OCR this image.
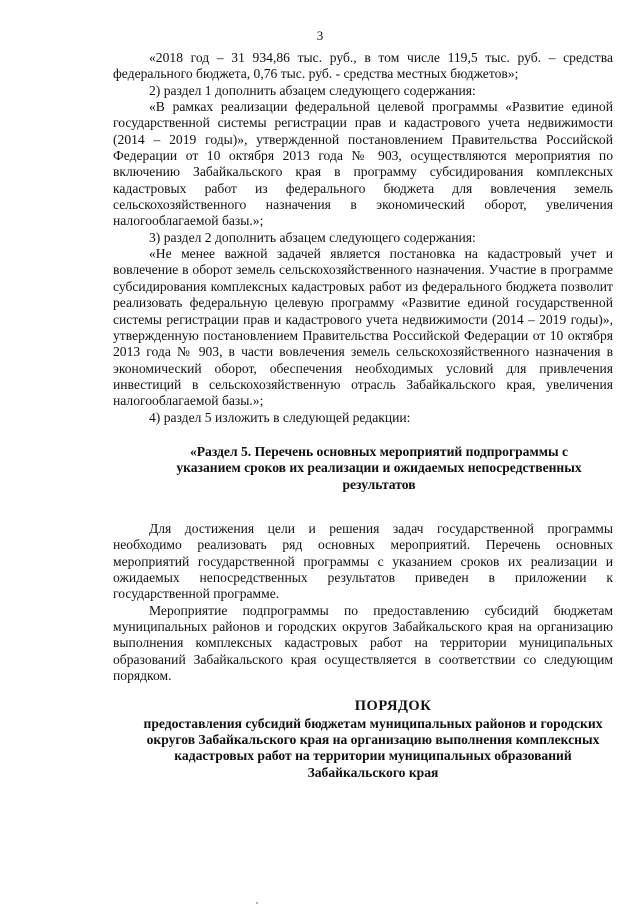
3

«2018 год – 31 934,86 тыс. руб., в том числе 119,5 тыс. руб. – средства федерального бюджета, 0,76 тыс. руб. - средства местных бюджетов»;

2) раздел 1 дополнить абзацем следующего содержания:

«В рамках реализации федеральной целевой программы «Развитие единой государственной системы регистрации прав и кадастрового учета недвижимости (2014 – 2019 годы)», утвержденной постановлением Правительства Российской Федерации от 10 октября 2013 года № 903, осуществляются мероприятия по включению Забайкальского края в программу субсидирования комплексных кадастровых работ из федерального бюджета для вовлечения земель сельскохозяйственного назначения в экономический оборот, увеличения налогооблагаемой базы.»;

3) раздел 2 дополнить абзацем следующего содержания:

«Не менее важной задачей является постановка на кадастровый учет и вовлечение в оборот земель сельскохозяйственного назначения. Участие в программе субсидирования комплексных кадастровых работ из федерального бюджета позволит реализовать федеральную целевую программу «Развитие единой государственной системы регистрации прав и кадастрового учета недвижимости (2014 – 2019 годы)», утвержденную постановлением Правительства Российской Федерации от 10 октября 2013 года № 903, в части вовлечения земель сельскохозяйственного назначения в экономический оборот, обеспечения необходимых условий для привлечения инвестиций в сельскохозяйственную отрасль Забайкальского края, увеличения налогооблагаемой базы.»;

4) раздел 5 изложить в следующей редакции:

«Раздел 5. Перечень основных мероприятий подпрограммы с указанием сроков их реализации и ожидаемых непосредственных результатов

Для достижения цели и решения задач государственной программы необходимо реализовать ряд основных мероприятий. Перечень основных мероприятий государственной программы с указанием сроков их реализации и ожидаемых непосредственных результатов приведен в приложении к государственной программе.

Мероприятие подпрограммы по предоставлению субсидий бюджетам муниципальных районов и городских округов Забайкальского края на организацию выполнения комплексных кадастровых работ на территории муниципальных образований Забайкальского края осуществляется в соответствии со следующим порядком.

ПОРЯДОК
предоставления субсидий бюджетам муниципальных районов и городских округов Забайкальского края на организацию выполнения комплексных кадастровых работ на территории муниципальных образований Забайкальского края
